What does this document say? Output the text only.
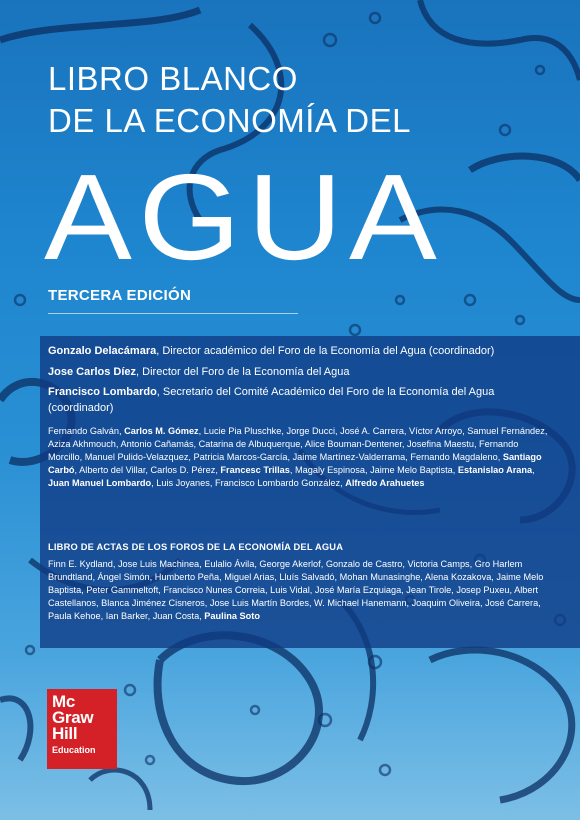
LIBRO BLANCO
DE LA ECONOMÍA DEL
AGUA
TERCERA EDICIÓN

Gonzalo Delacámara, Director académico del Foro de la Economía del Agua (coordinador)

Jose Carlos Díez, Director del Foro de la Economía del Agua

Francisco Lombardo, Secretario del Comité Académico del Foro de la Economía del Agua (coordinador)

Fernando Galván, Carlos M. Gómez, Lucie Pia Pluschke, Jorge Ducci, José A. Carrera, Víctor Arroyo, Samuel Fernández, Aziza Akhmouch, Antonio Cañamás, Catarina de Albuquerque, Alice Bouman-Dentener, Josefina Maestu, Fernando Morcillo, Manuel Pulido-Velazquez, Patricia Marcos-García, Jaime Martínez-Valderrama, Fernando Magdaleno, Santiago Carbó, Alberto del Villar, Carlos D. Pérez, Francesc Trillas, Magaly Espinosa, Jaime Melo Baptista, Estanislao Arana, Juan Manuel Lombardo, Luis Joyanes, Francisco Lombardo González, Alfredo Arahuetes

LIBRO DE ACTAS DE LOS FOROS DE LA ECONOMÍA DEL AGUA

Finn E. Kydland, Jose Luis Machinea, Eulalio Ávila, George Akerlof, Gonzalo de Castro, Victoria Camps, Gro Harlem Brundtland, Ángel Simón, Humberto Peña, Miguel Arias, Lluís Salvadó, Mohan Munasinghe, Alena Kozakova, Jaime Melo Baptista, Peter Gammeltoft, Francisco Nunes Correia, Luis Vidal, José María Ezquiaga, Jean Tirole, Josep Puxeu, Albert Castellanos, Blanca Jiménez Cisneros, Jose Luis Martín Bordes, W. Michael Hanemann, Joaquim Oliveira, José Carrera, Paula Kehoe, Ian Barker, Juan Costa, Paulina Soto

Mc
Graw
Hill
Education
